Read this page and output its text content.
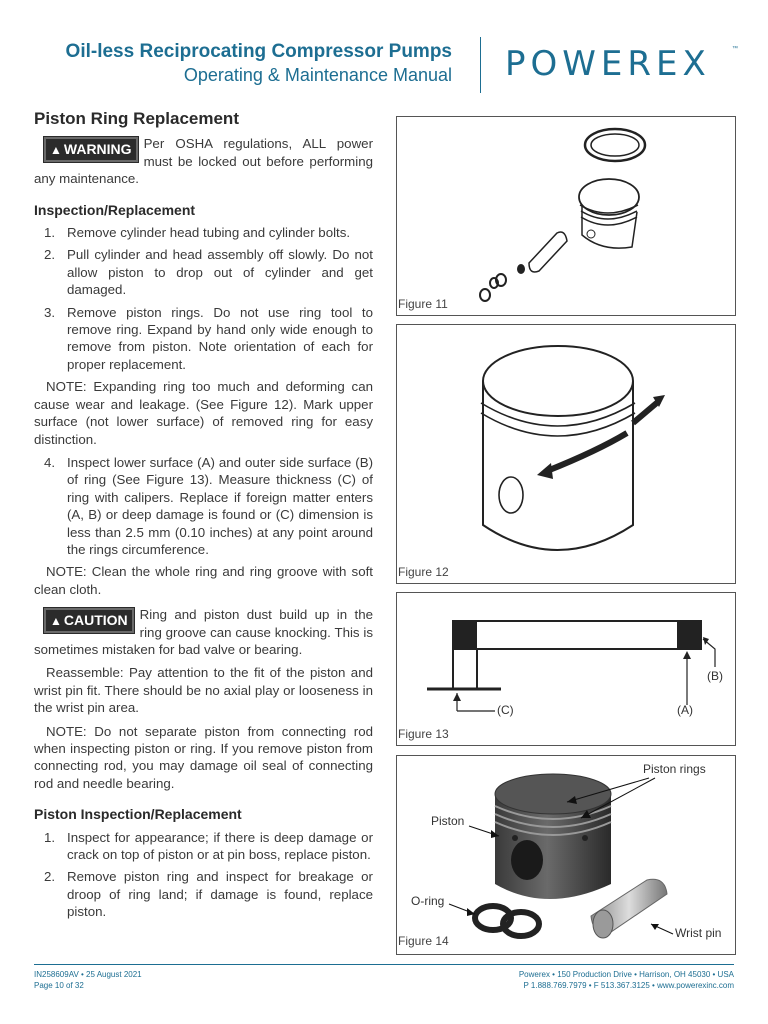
Oil-less Reciprocating Compressor Pumps
Operating & Maintenance Manual POWEREX	™
Piston Ring Replacement

▲ WARNING Per OSHA regulations, ALL power must be locked out before performing any maintenance.

Inspection/Replacement
1. Remove cylinder head tubing and cylinder bolts.
2. Pull cylinder and head assembly off slowly. Do not allow piston to drop out of cylinder and get damaged.
3. Remove piston rings. Do not use ring tool to remove ring. Expand by hand only wide enough to remove from piston. Note orientation of each for proper replacement.

NOTE: Expanding ring too much and deforming can cause wear and leakage. (See Figure 12). Mark upper surface (not lower surface) of removed ring for easy distinction.

4. Inspect lower surface (A) and outer side surface (B) of ring (See Figure 13). Measure thickness (C) of ring with calipers. Replace if foreign matter enters (A, B) or deep damage is found or (C) dimension is less than 2.5 mm (0.10 inches) at any point around the rings circumference.

NOTE: Clean the whole ring and ring groove with soft clean cloth.

▲ CAUTION Ring and piston dust build up in the ring groove can cause knocking. This is sometimes mistaken for bad valve or bearing.

Reassemble: Pay attention to the fit of the piston and wrist pin fit. There should be no axial play or looseness in the wrist pin area.

NOTE: Do not separate piston from connecting rod when inspecting piston or ring. If you remove piston from connecting rod, you may damage oil seal of connecting rod and needle bearing.

Piston Inspection/Replacement
1. Inspect for appearance; if there is deep damage or crack on top of piston or at pin boss, replace piston.
2. Remove piston ring and inspect for breakage or droop of ring land; if damage is found, replace piston.
Figure 11
Figure 12
(B)
(C)	(A)
Figure 13
Piston rings
Piston
O-ring
Wrist pin
Figure 14
IN258609AV • 25 August 2021
Page 10 of 32
Powerex • 150 Production Drive • Harrison, OH 45030 • USA
P 1.888.769.7979 • F 513.367.3125 • www.powerexinc.com
